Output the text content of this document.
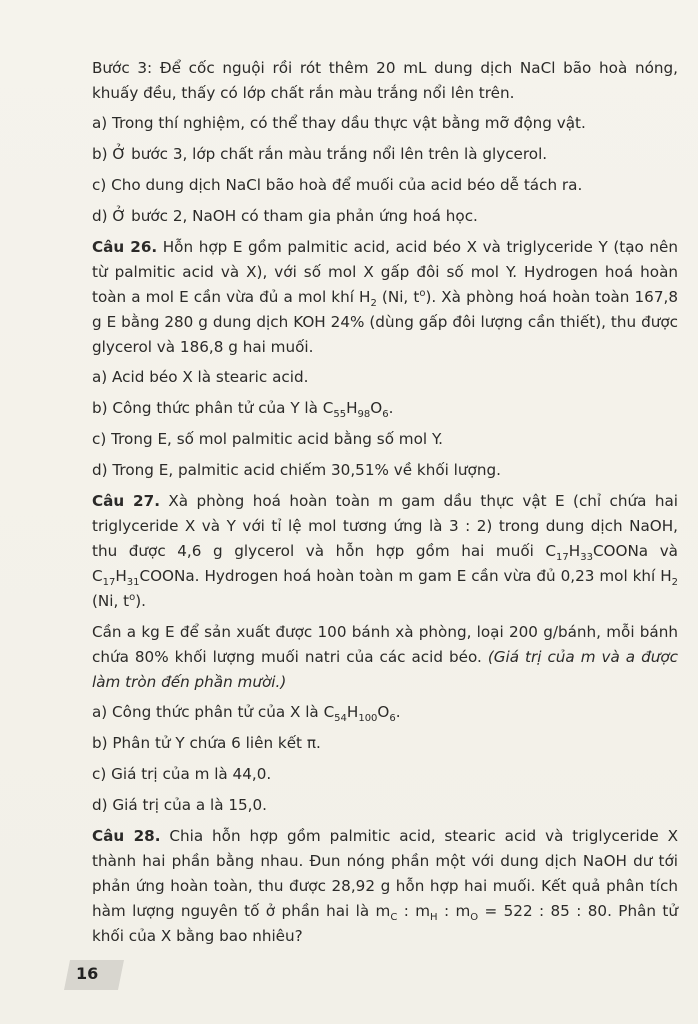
Bước 3: Để cốc nguội rồi rót thêm 20 mL dung dịch NaCl bão hoà nóng, khuấy đều, thấy có lớp chất rắn màu trắng nổi lên trên.

a) Trong thí nghiệm, có thể thay dầu thực vật bằng mỡ động vật.

b) Ở bước 3, lớp chất rắn màu trắng nổi lên trên là glycerol.

c) Cho dung dịch NaCl bão hoà để muối của acid béo dễ tách ra.

d) Ở bước 2, NaOH có tham gia phản ứng hoá học.

Câu 26. Hỗn hợp E gồm palmitic acid, acid béo X và triglyceride Y (tạo nên từ palmitic acid và X), với số mol X gấp đôi số mol Y. Hydrogen hoá hoàn toàn a mol E cần vừa đủ a mol khí $H_2$ (Ni, $t^o$). Xà phòng hoá hoàn toàn 167,8 g E bằng 280 g dung dịch KOH 24% (dùng gấp đôi lượng cần thiết), thu được glycerol và 186,8 g hai muối.

a) Acid béo X là stearic acid.

b) Công thức phân tử của Y là $C_{55}H_{98}O_6$.

c) Trong E, số mol palmitic acid bằng số mol Y.

d) Trong E, palmitic acid chiếm 30,51% về khối lượng.

Câu 27. Xà phòng hoá hoàn toàn m gam dầu thực vật E (chỉ chứa hai triglyceride X và Y với tỉ lệ mol tương ứng là 3 : 2) trong dung dịch NaOH, thu được 4,6 g glycerol và hỗn hợp gồm hai muối $C_{17}H_{33}COONa$ và $C_{17}H_{31}COONa$. Hydrogen hoá hoàn toàn m gam E cần vừa đủ 0,23 mol khí $H_2$ (Ni, $t^o$).

Cần a kg E để sản xuất được 100 bánh xà phòng, loại 200 g/bánh, mỗi bánh chứa 80% khối lượng muối natri của các acid béo. (Giá trị của m và a được làm tròn đến phần mười.)

a) Công thức phân tử của X là $C_{54}H_{100}O_6$.

b) Phân tử Y chứa 6 liên kết π.

c) Giá trị của m là 44,0.

d) Giá trị của a là 15,0.

Câu 28. Chia hỗn hợp gồm palmitic acid, stearic acid và triglyceride X thành hai phần bằng nhau. Đun nóng phần một với dung dịch NaOH dư tới phản ứng hoàn toàn, thu được 28,92 g hỗn hợp hai muối. Kết quả phân tích hàm lượng nguyên tố ở phần hai là $m_C$ : $m_H$ : $m_O = 522$ : 85 : 80. Phân tử khối của X bằng bao nhiêu?

16
